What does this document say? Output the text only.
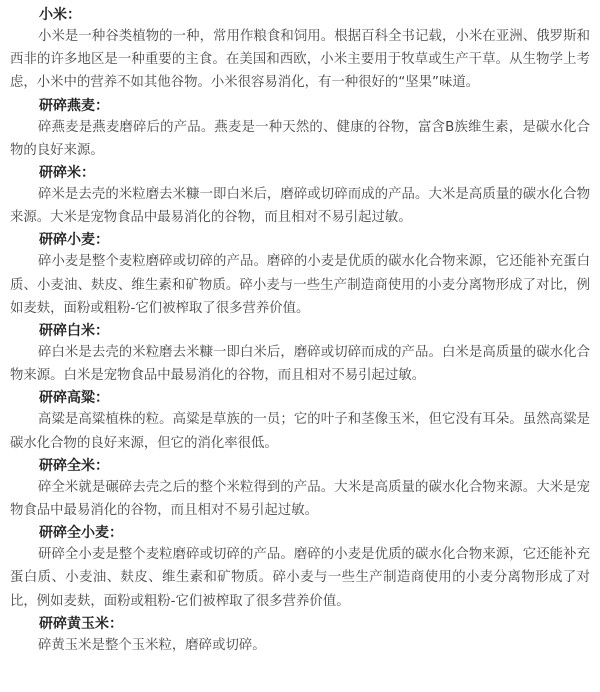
小米：

小米是一种谷类植物的一种，常用作粮食和饲用。根据百科全书记载，小米在亚洲、俄罗斯和西非的许多地区是一种重要的主食。在美国和西欧，小米主要用于牧草或生产干草。从生物学上考虑，小米中的营养不如其他谷物。小米很容易消化，有一种很好的“坚果”味道。

研碎燕麦：

碎燕麦是燕麦磨碎后的产品。燕麦是一种天然的、健康的谷物，富含B族维生素，是碳水化合物的良好来源。

研碎米：

碎米是去壳的米粒磨去米糠一即白米后，磨碎或切碎而成的产品。大米是高质量的碳水化合物来源。大米是宠物食品中最易消化的谷物，而且相对不易引起过敏。

研碎小麦：

碎小麦是整个麦粒磨碎或切碎的产品。磨碎的小麦是优质的碳水化合物来源，它还能补充蛋白质、小麦油、麸皮、维生素和矿物质。碎小麦与一些生产制造商使用的小麦分离物形成了对比，例如麦麸，面粉或粗粉-它们被榨取了很多营养价值。

研碎白米：

碎白米是去壳的米粒磨去米糠一即白米后，磨碎或切碎而成的产品。白米是高质量的碳水化合物来源。白米是宠物食品中最易消化的谷物，而且相对不易引起过敏。

研碎高粱：

高粱是高粱植株的粒。高粱是草族的一员；它的叶子和茎像玉米，但它没有耳朵。虽然高粱是碳水化合物的良好来源，但它的消化率很低。

研碎全米：

碎全米就是碾碎去壳之后的整个米粒得到的产品。大米是高质量的碳水化合物来源。大米是宠物食品中最易消化的谷物，而且相对不易引起过敏。

研碎全小麦：

研碎全小麦是整个麦粒磨碎或切碎的产品。磨碎的小麦是优质的碳水化合物来源，它还能补充蛋白质、小麦油、麸皮、维生素和矿物质。碎小麦与一些生产制造商使用的小麦分离物形成了对比，例如麦麸，面粉或粗粉-它们被榨取了很多营养价值。

研碎黄玉米：

碎黄玉米是整个玉米粒，磨碎或切碎。
